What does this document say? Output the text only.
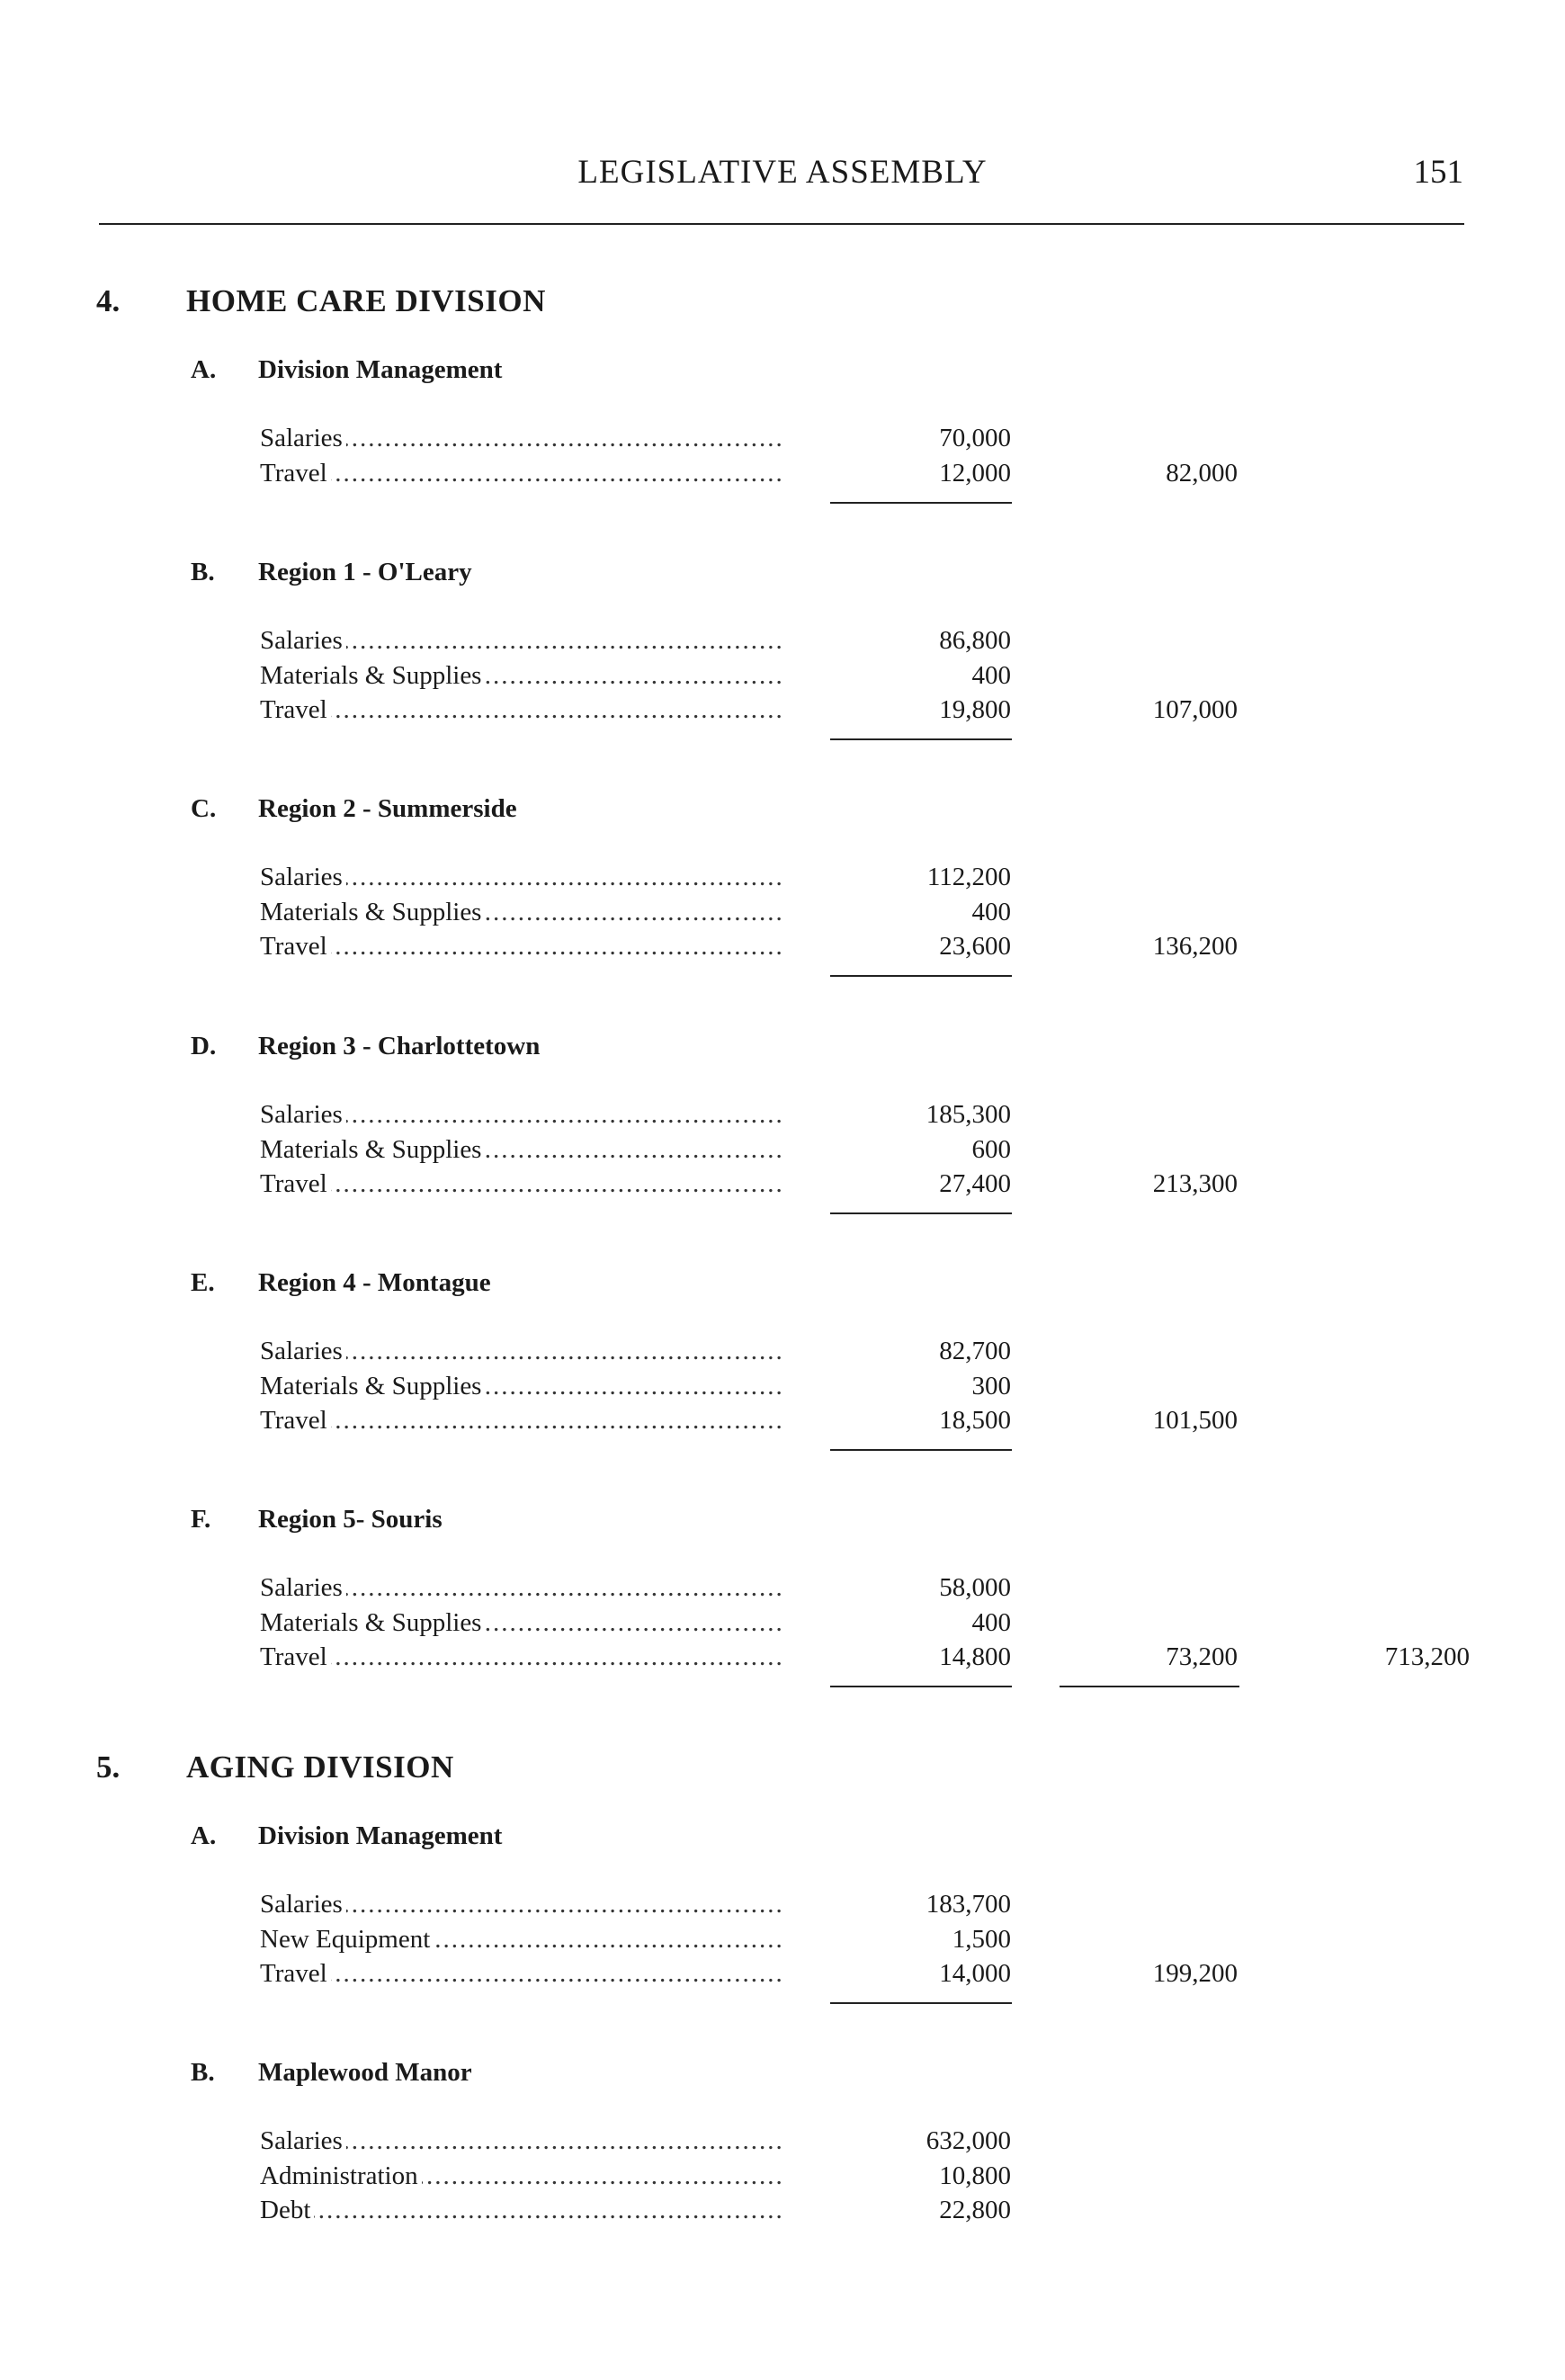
LEGISLATIVE ASSEMBLY	151
4. HOME CARE DIVISION
A. Division Management
Salaries .....	70,000
Travel .....	12,000	82,000
B. Region 1 - O'Leary
Salaries .....	86,800
Materials & Supplies .....	400
Travel .....	19,800	107,000
C. Region 2 - Summerside
Salaries .....	112,200
Materials & Supplies .....	400
Travel .....	23,600	136,200
D. Region 3 - Charlottetown
Salaries .....	185,300
Materials & Supplies .....	600
Travel .....	27,400	213,300
E. Region 4 - Montague
Salaries .....	82,700
Materials & Supplies .....	300
Travel .....	18,500	101,500
F. Region 5- Souris
Salaries .....	58,000
Materials & Supplies .....	400
Travel .....	14,800	73,200	713,200
5. AGING DIVISION
A. Division Management
Salaries .....	183,700
New Equipment .....	1,500
Travel .....	14,000	199,200
B. Maplewood Manor
Salaries .....	632,000
Administration .....	10,800
Debt .....	22,800
